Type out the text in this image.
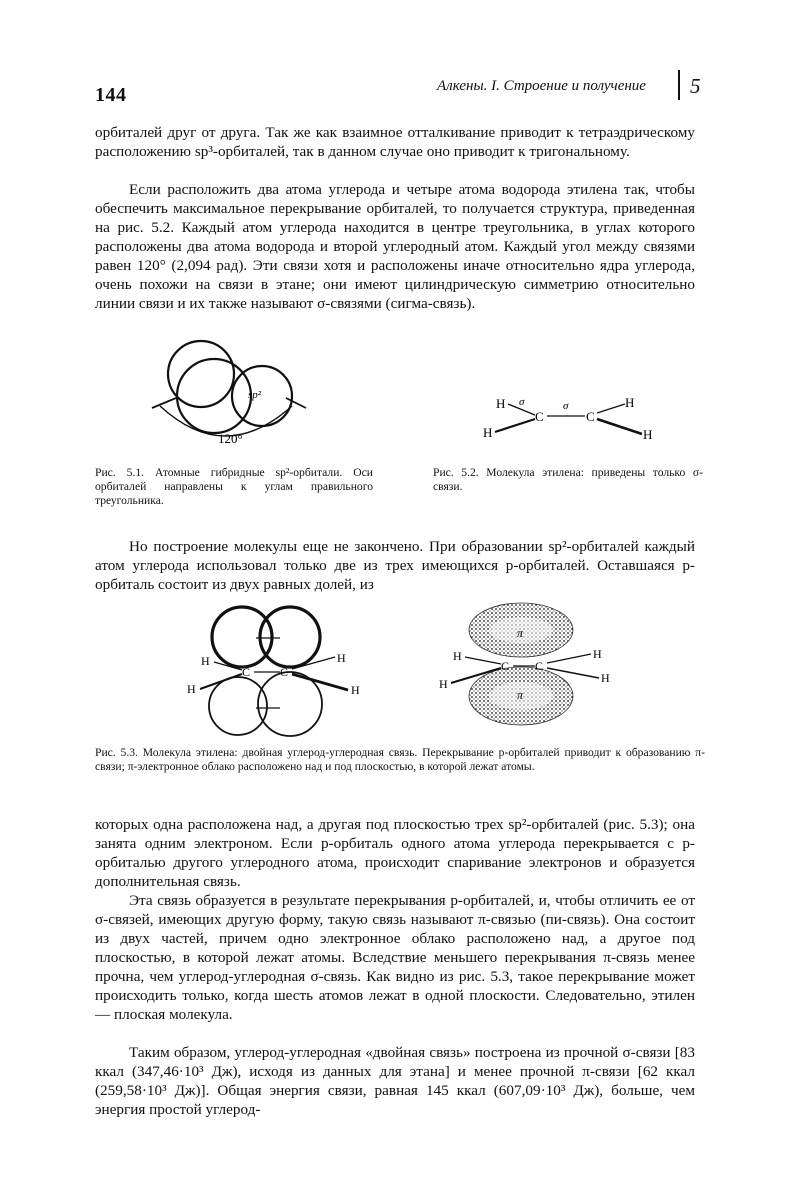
144	Алкены. I. Строение и получение 5

орбиталей друг от друга. Так же как взаимное отталкивание приводит к тетраэдрическому расположению sp³-орбиталей, так в данном случае оно приводит к тригональному.

Если расположить два атома углерода и четыре атома водорода этилена так, чтобы обеспечить максимальное перекрывание орбиталей, то получается структура, приведенная на рис. 5.2. Каждый атом углерода находится в центре треугольника, в углах которого расположены два атома водорода и второй углеродный атом. Каждый угол между связями равен 120° (2,094 рад). Эти связи хотя и расположены иначе относительно ядра углерода, очень похожи на связи в этане; они имеют цилиндрическую симметрию относительно линии связи и их также называют σ-связями (сигма-связь).

sp²
120°
H
H
C	C
H
H
σ	σ
Рис. 5.1. Атомные гибридные sp²-орбитали. Оси орбиталей направлены к углам правильного треугольника.
Рис. 5.2. Молекула этилена: приведены только σ-связи.

Но построение молекулы еще не закончено. При образовании sp²-орбиталей каждый атом углерода использовал только две из трех имеющихся p-орбиталей. Оставшаяся p-орбиталь состоит из двух равных долей, из

C C
H
H
H
H
π
π
C C
H
H
H
H
Рис. 5.3. Молекула этилена: двойная углерод-углеродная связь. Перекрывание p-орбиталей приводит к образованию π-связи; π-электронное облако расположено над и под плоскостью, в которой лежат атомы.

которых одна расположена над, а другая под плоскостью трех sp²-орбиталей (рис. 5.3); она занята одним электроном. Если p-орбиталь одного атома углерода перекрывается с p-орбиталью другого углеродного атома, происходит спаривание электронов и образуется дополнительная связь.

Эта связь образуется в результате перекрывания p-орбиталей, и, чтобы отличить ее от σ-связей, имеющих другую форму, такую связь называют π-связью (пи-связь). Она состоит из двух частей, причем одно электронное облако расположено над, а другое под плоскостью, в которой лежат атомы. Вследствие меньшего перекрывания π-связь менее прочна, чем углерод-углеродная σ-связь. Как видно из рис. 5.3, такое перекрывание может происходить только, когда шесть атомов лежат в одной плоскости. Следовательно, этилен — плоская молекула.

Таким образом, углерод-углеродная «двойная связь» построена из прочной σ-связи [83 ккал (347,46·10³ Дж), исходя из данных для этана] и менее прочной π-связи [62 ккал (259,58·10³ Дж)]. Общая энергия связи, равная 145 ккал (607,09·10³ Дж), больше, чем энергия простой углерод-
